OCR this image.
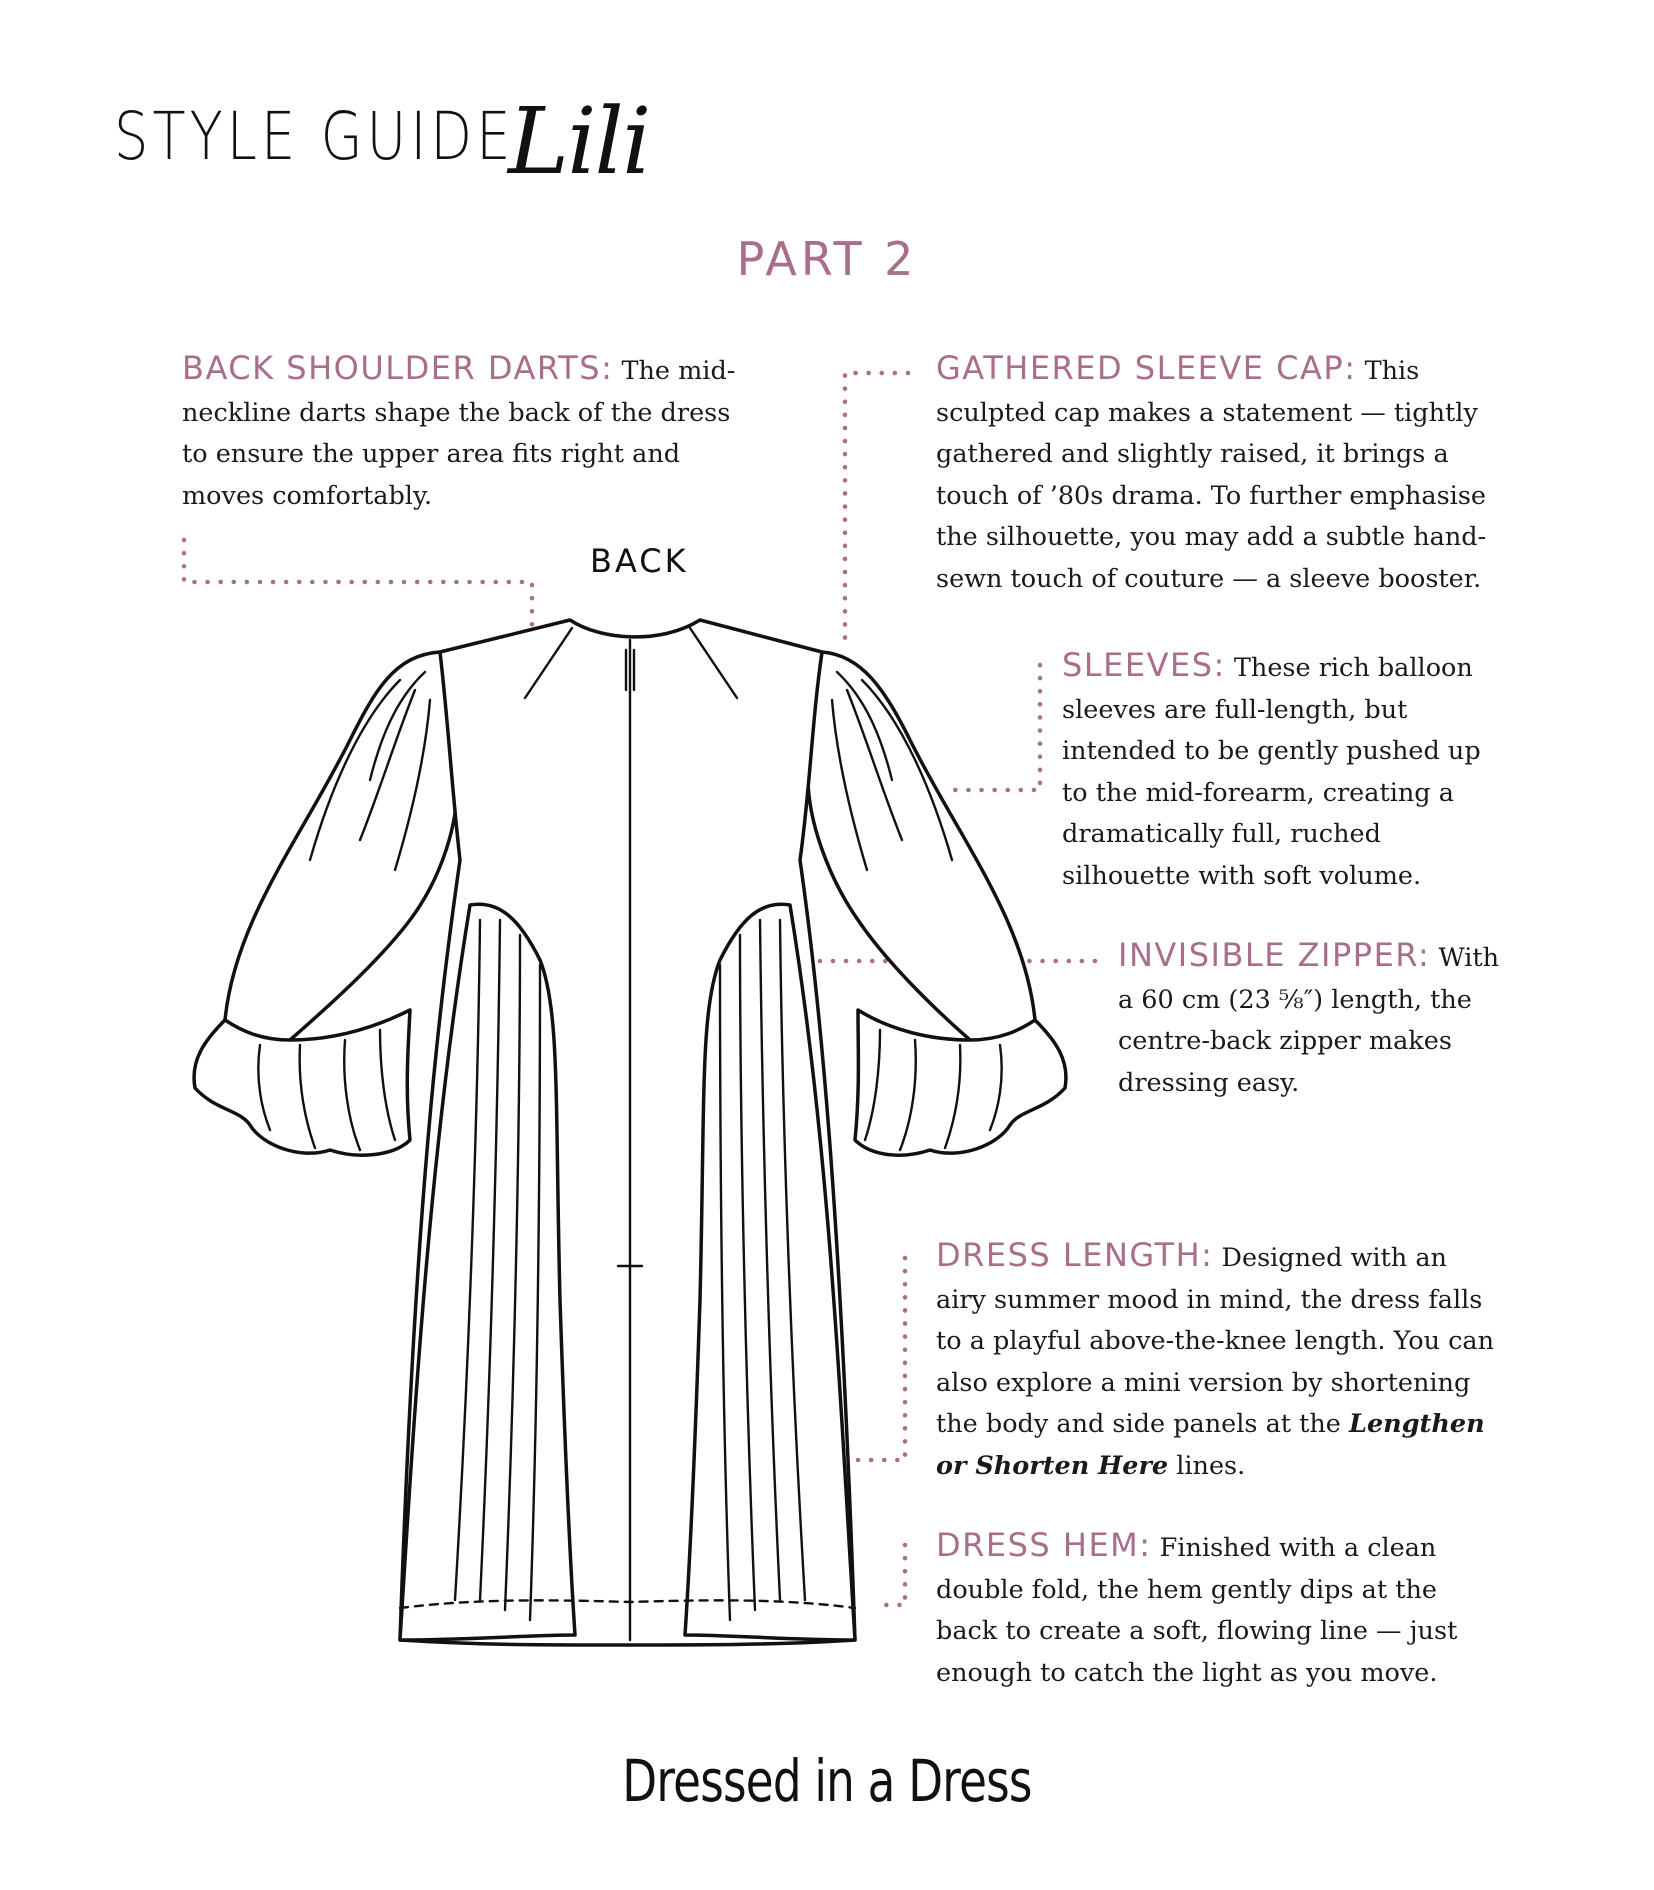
STYLE GUIDE
Lili
PART 2
BACK
BACK SHOULDER DARTS: The mid-neckline darts shape the back of the dress to ensure the upper area fits right and moves comfortably.
GATHERED SLEEVE CAP: This sculpted cap makes a statement — tightly gathered and slightly raised, it brings a touch of ’80s drama. To further emphasise the silhouette, you may add a subtle hand-sewn touch of couture — a sleeve booster.
SLEEVES: These rich balloon sleeves are full-length, but intended to be gently pushed up to the mid-forearm, creating a dramatically full, ruched silhouette with soft volume.
INVISIBLE ZIPPER: With a 60 cm (23 ⅝″) length, the centre-back zipper makes dressing easy.
DRESS LENGTH: Designed with an airy summer mood in mind, the dress falls to a playful above-the-knee length. You can also explore a mini version by shortening the body and side panels at the Lengthen or Shorten Here lines.
DRESS HEM: Finished with a clean double fold, the hem gently dips at the back to create a soft, flowing line — just enough to catch the light as you move.
Dressed in a Dress
